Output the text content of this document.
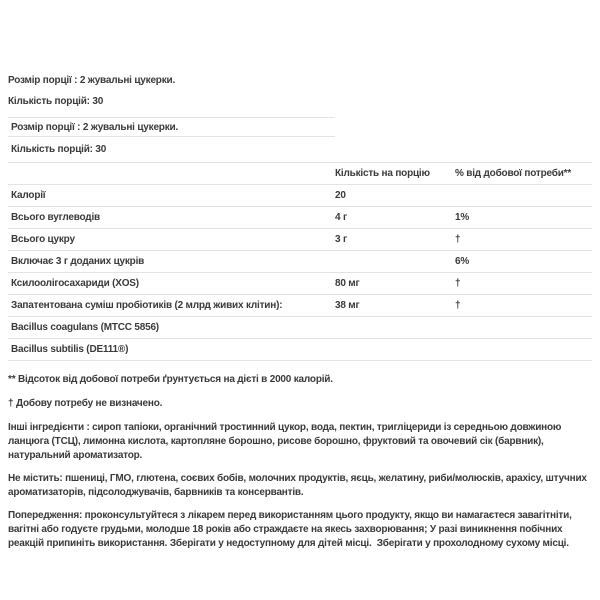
Розмір порції : 2 жувальні цукерки.

Кількість порцій: 30

Розмір порції : 2 жувальні цукерки.		
Кількість порцій: 30		
	Кількість на порцію	% від добової потреби**
Калорії	20	
Всього вуглеводів	4 г	1%
Всього цукру	3 г	†
Включає 3 г доданих цукрів		6%
Ксилоолігосахариди (XOS)	80 мг	†
Запатентована суміш пробіотиків (2 млрд живих клітин):	38 мг	†
Bacillus coagulans (MTCC 5856)		
Bacillus subtilis (DE111®)		

** Відсоток від добової потреби ґрунтується на дієті в 2000 калорій.

† Добову потребу не визначено.

Інші інгредієнти : сироп тапіоки, органічний тростинний цукор, вода, пектин, тригліцериди із середньою довжиною ланцюга (ТСЦ), лимонна кислота, картопляне борошно, рисове борошно, фруктовий та овочевий сік (барвник), натуральний ароматизатор.

Не містить: пшениці, ГМО, глютена, соєвих бобів, молочних продуктів, яєць, желатину, риби/молюсків, арахісу, штучних ароматизаторів, підсолоджувачів, барвників та консервантів.

Попередження: проконсультуйтеся з лікарем перед використанням цього продукту, якщо ви намагаєтеся завагітніти, вагітні або годуєте грудьми, молодше 18 років або страждаєте на якесь захворювання; У разі виникнення побічних реакцій припиніть використання. Зберігати у недоступному для дітей місці.  Зберігати у прохолодному сухому місці.
